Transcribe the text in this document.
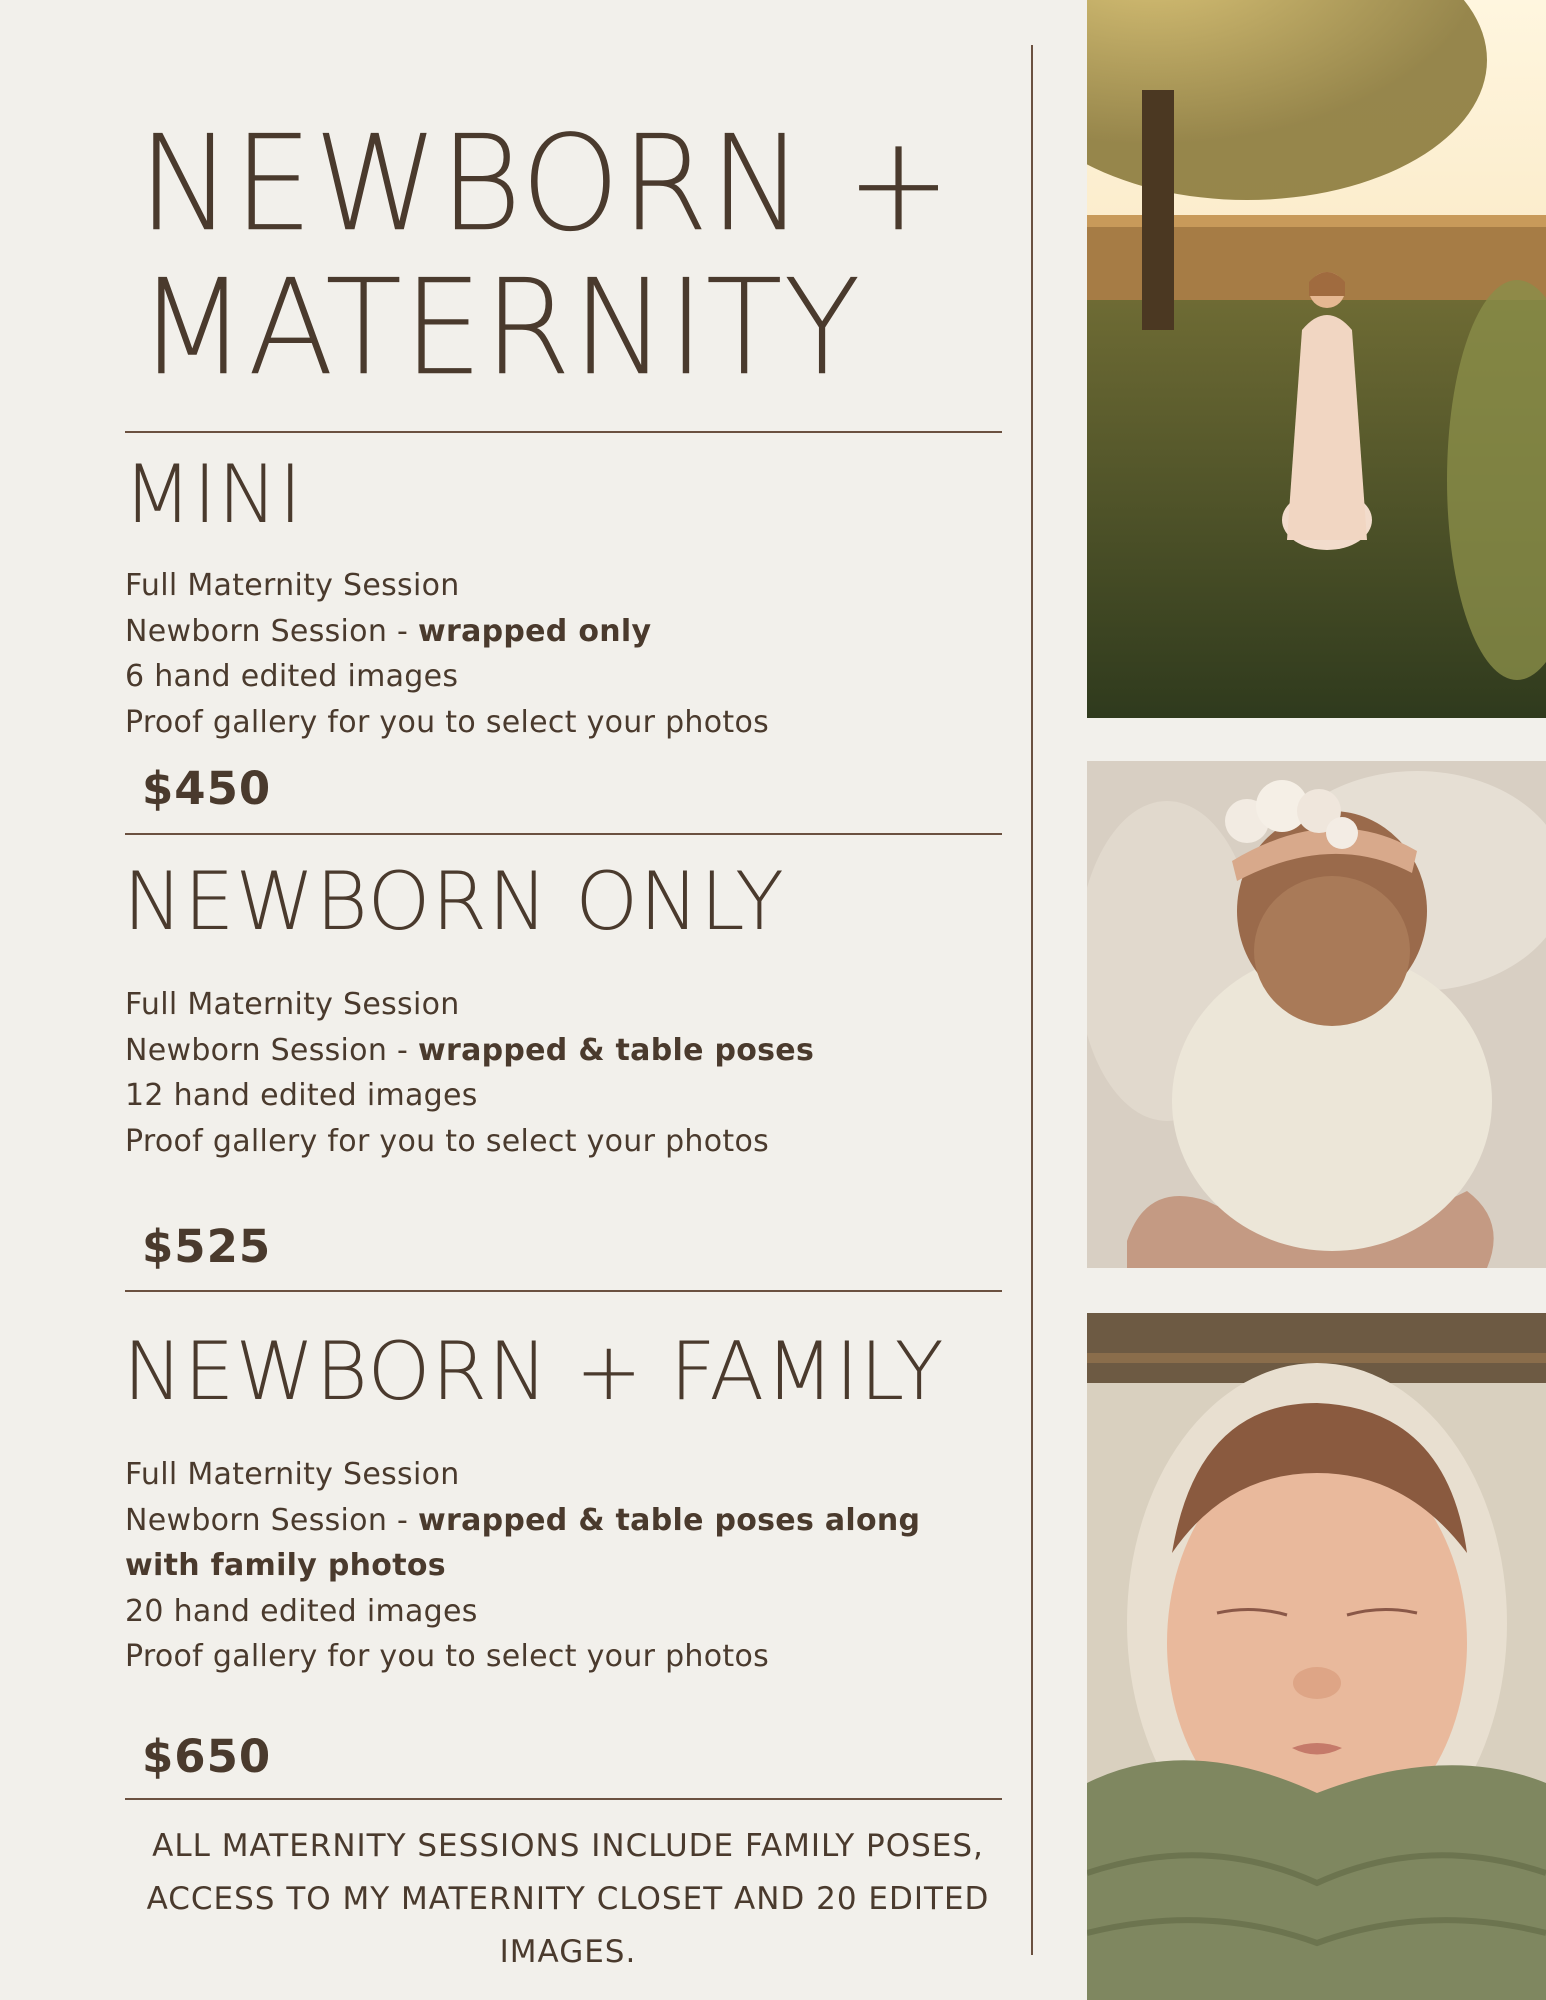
NEWBORN +
MATERNITY
MINI
Full Maternity Session
Newborn Session - wrapped only
6 hand edited images
Proof gallery for you to select your photos
$450
NEWBORN ONLY
Full Maternity Session
Newborn Session - wrapped & table poses
12 hand edited images
Proof gallery for you to select your photos
$525
NEWBORN + FAMILY
Full Maternity Session
Newborn Session - wrapped & table poses along with family photos
20 hand edited images
Proof gallery for you to select your photos
$650
ALL MATERNITY SESSIONS INCLUDE FAMILY POSES, ACCESS TO MY MATERNITY CLOSET AND 20 EDITED IMAGES.
